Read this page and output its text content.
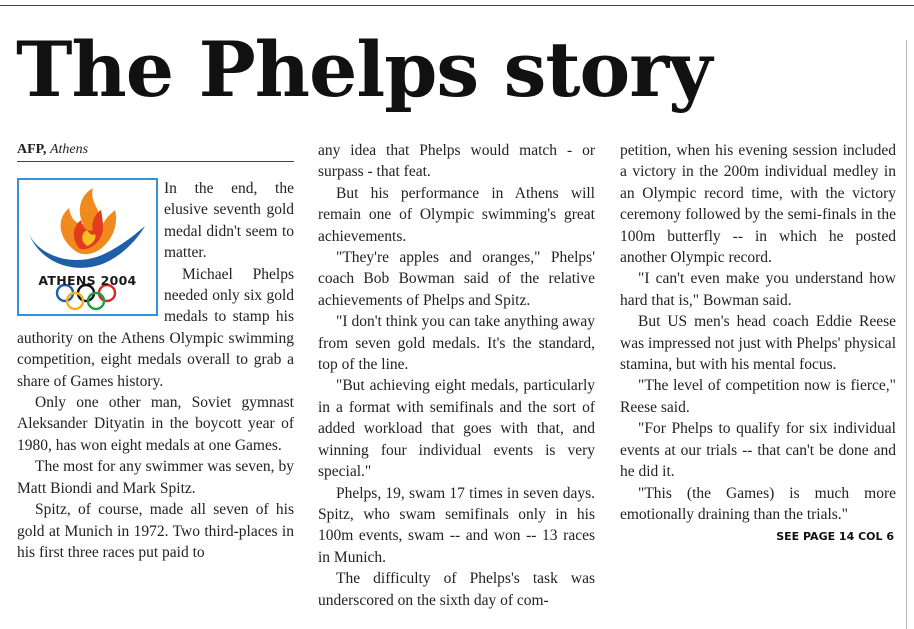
The Phelps story
AFP, Athens
ATHENS 2004

In the end, the elusive seventh gold medal didn't seem to matter.

Michael Phelps needed only six gold medals to stamp his authority on the Athens Olympic swimming competition, eight medals overall to grab a share of Games history.

Only one other man, Soviet gymnast Aleksander Dityatin in the boycott year of 1980, has won eight medals at one Games.

The most for any swimmer was seven, by Matt Biondi and Mark Spitz.

Spitz, of course, made all seven of his gold at Munich in 1972. Two third-places in his first three races put paid to

any idea that Phelps would match - or surpass - that feat.

But his performance in Athens will remain one of Olympic swimming's great achievements.

"They're apples and oranges," Phelps' coach Bob Bowman said of the relative achievements of Phelps and Spitz.

"I don't think you can take anything away from seven gold medals. It's the standard, top of the line.

"But achieving eight medals, particularly in a format with semifinals and the sort of added workload that goes with that, and winning four individual events is very special."

Phelps, 19, swam 17 times in seven days. Spitz, who swam semifinals only in his 100m events, swam -- and won -- 13 races in Munich.

The difficulty of Phelps's task was underscored on the sixth day of com-

petition, when his evening session included a victory in the 200m individual medley in an Olympic record time, with the victory ceremony followed by the semi-finals in the 100m butterfly -- in which he posted another Olympic record.

"I can't even make you understand how hard that is," Bowman said.

But US men's head coach Eddie Reese was impressed not just with Phelps' physical stamina, but with his mental focus.

"The level of competition now is fierce," Reese said.

"For Phelps to qualify for six individual events at our trials -- that can't be done and he did it.

"This (the Games) is much more emotionally draining than the trials."

SEE PAGE 14 COL 6
